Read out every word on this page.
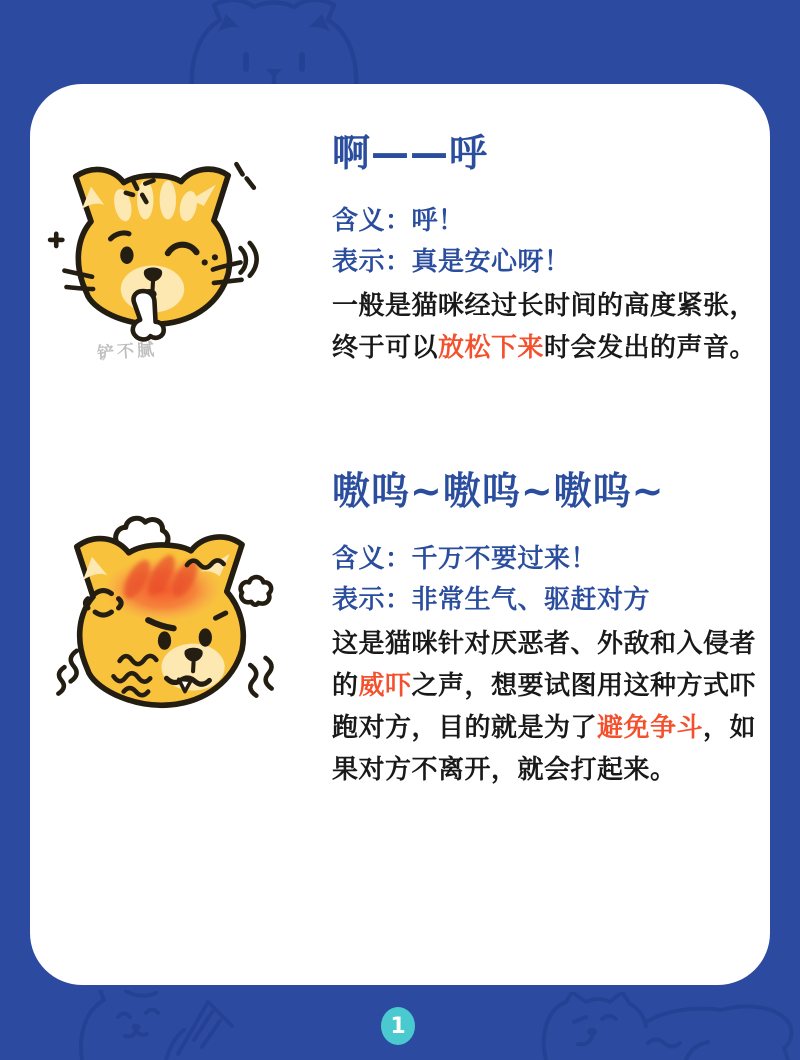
铲不腻
啊——呼
含义：呼！
表示：真是安心呀！
一般是猫咪经过长时间的高度紧张，
终于可以放松下来时会发出的声音。
嗷呜~嗷呜~嗷呜~
含义：千万不要过来！
表示：非常生气、驱赶对方
这是猫咪针对厌恶者、外敌和入侵者
的威吓之声，想要试图用这种方式吓
跑对方，目的就是为了避免争斗，如
果对方不离开，就会打起来。
1
